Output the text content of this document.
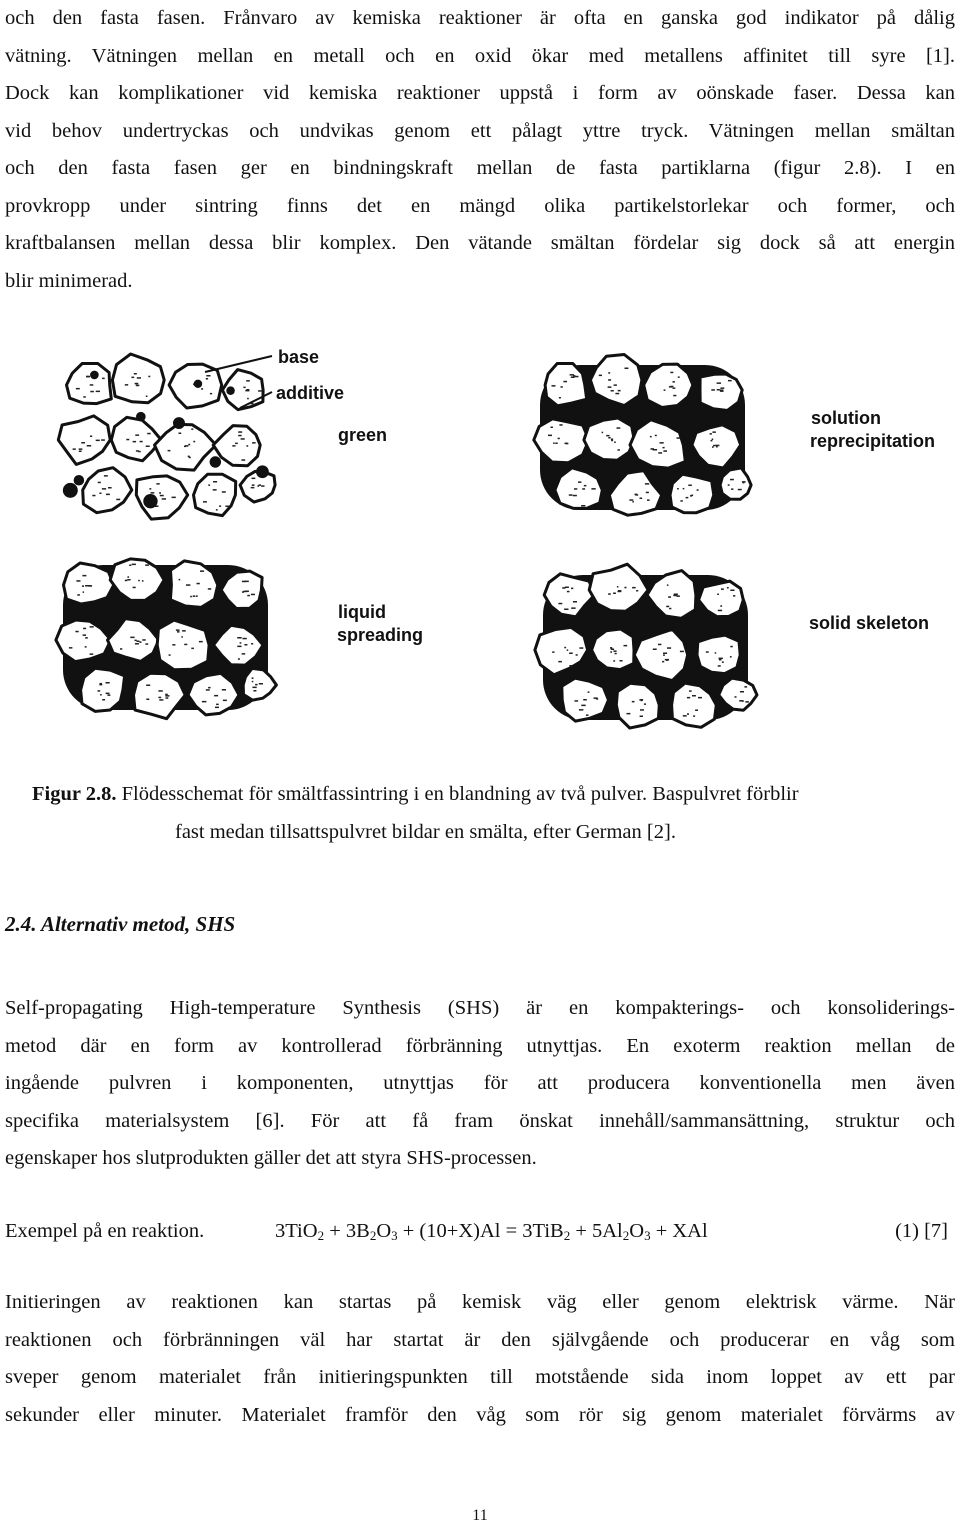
och den fasta fasen. Frånvaro av kemiska reaktioner är ofta en ganska god indikator på dålig
vätning. Vätningen mellan en metall och en oxid ökar med metallens affinitet till syre [1].
Dock kan komplikationer vid kemiska reaktioner uppstå i form av oönskade faser. Dessa kan
vid behov undertryckas och undvikas genom ett pålagt yttre tryck. Vätningen mellan smältan
och den fasta fasen ger en bindningskraft mellan de fasta partiklarna (figur 2.8). I en
provkropp under sintring finns det en mängd olika partikelstorlekar och former, och
kraftbalansen mellan dessa blir komplex. Den vätande smältan fördelar sig dock så att energin
blir minimerad.
base
additive
green
solution
reprecipitation
liquid
spreading
solid skeleton
Figur 2.8. Flödesschemat för smältfassintring i en blandning av två pulver. Baspulvret förblir
fast medan tillsattspulvret bildar en smälta, efter German [2].
2.4. Alternativ metod, SHS
Self-propagating High-temperature Synthesis (SHS) är en kompakterings- och konsoliderings-
metod där en form av kontrollerad förbränning utnyttjas. En exoterm reaktion mellan de
ingående pulvren i komponenten, utnyttjas för att producera konventionella men även
specifika materialsystem [6]. För att få fram önskat innehåll/sammansättning, struktur och
egenskaper hos slutprodukten gäller det att styra SHS-processen.
Exempel på en reaktion.	$3TiO_2 + 3B_2O_3 + (10+X)Al = 3TiB_2 + 5Al_2O_3$ + XAl	(1) [7]
Initieringen av reaktionen kan startas på kemisk väg eller genom elektrisk värme. När
reaktionen och förbränningen väl har startat är den självgående och producerar en våg som
sveper genom materialet från initieringspunkten till motstående sida inom loppet av ett par
sekunder eller minuter. Materialet framför den våg som rör sig genom materialet förvärms av
11
